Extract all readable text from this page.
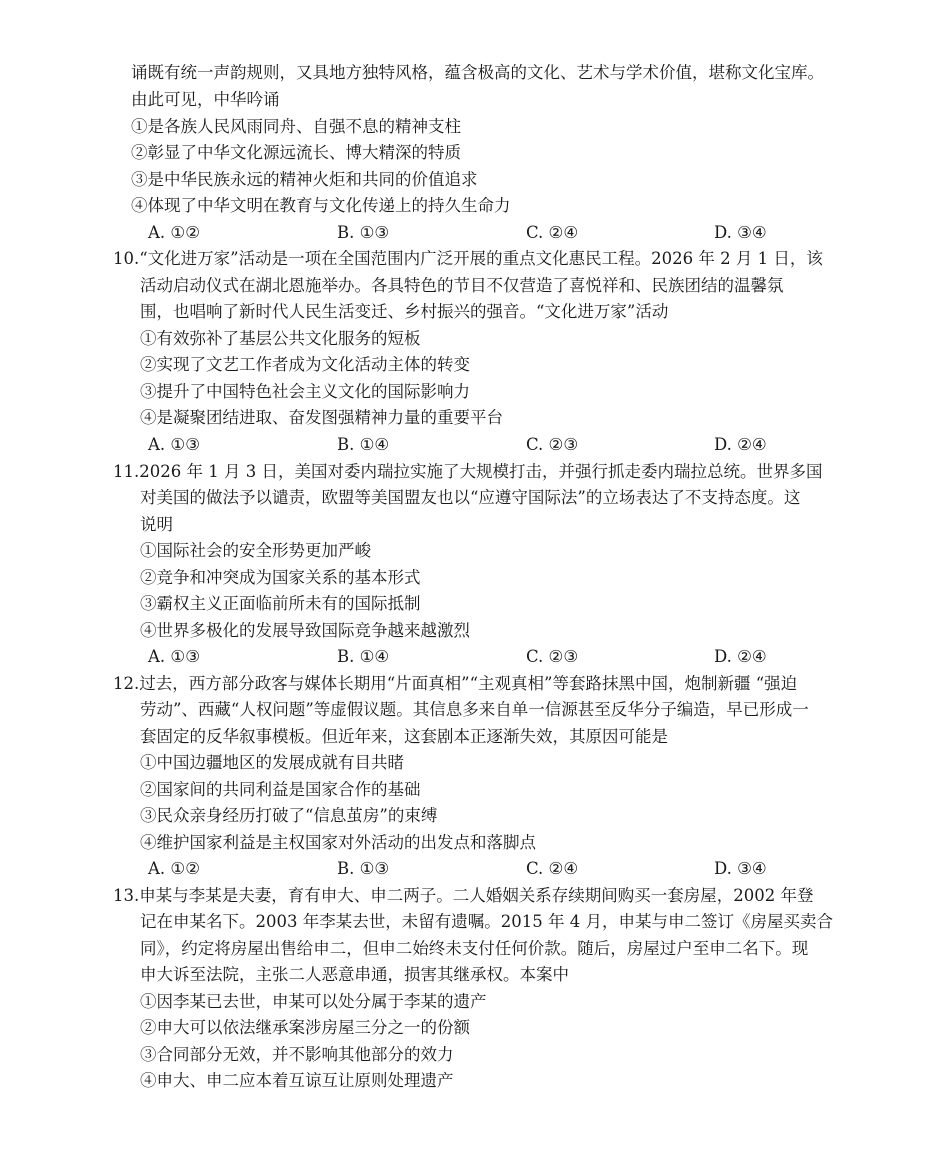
诵既有统一声韵规则，又具地方独特风格，蕴含极高的文化、艺术与学术价值，堪称文化宝库。
由此可见，中华吟诵
①是各族人民风雨同舟、自强不息的精神支柱
②彰显了中华文化源远流长、博大精深的特质
③是中华民族永远的精神火炬和共同的价值追求
④体现了中华文明在教育与文化传递上的持久生命力
A. ①②	B. ①③	C. ②④	D. ③④
10.“文化进万家”活动是一项在全国范围内广泛开展的重点文化惠民工程。2026 年 2 月 1 日，该
活动启动仪式在湖北恩施举办。各具特色的节目不仅营造了喜悦祥和、民族团结的温馨氛
围，也唱响了新时代人民生活变迁、乡村振兴的强音。“文化进万家”活动
①有效弥补了基层公共文化服务的短板
②实现了文艺工作者成为文化活动主体的转变
③提升了中国特色社会主义文化的国际影响力
④是凝聚团结进取、奋发图强精神力量的重要平台
A. ①③	B. ①④	C. ②③	D. ②④
11.2026 年 1 月 3 日，美国对委内瑞拉实施了大规模打击，并强行抓走委内瑞拉总统。世界多国
对美国的做法予以谴责，欧盟等美国盟友也以“应遵守国际法”的立场表达了不支持态度。这
说明
①国际社会的安全形势更加严峻
②竞争和冲突成为国家关系的基本形式
③霸权主义正面临前所未有的国际抵制
④世界多极化的发展导致国际竞争越来越激烈
A. ①③	B. ①④	C. ②③	D. ②④
12.过去，西方部分政客与媒体长期用“片面真相”“主观真相”等套路抹黑中国，炮制新疆 “强迫
劳动”、西藏“人权问题”等虚假议题。其信息多来自单一信源甚至反华分子编造，早已形成一
套固定的反华叙事模板。但近年来，这套剧本正逐渐失效，其原因可能是
①中国边疆地区的发展成就有目共睹
②国家间的共同利益是国家合作的基础
③民众亲身经历打破了“信息茧房”的束缚
④维护国家利益是主权国家对外活动的出发点和落脚点
A. ①②	B. ①③	C. ②④	D. ③④
13.申某与李某是夫妻，育有申大、申二两子。二人婚姻关系存续期间购买一套房屋，2002 年登
记在申某名下。2003 年李某去世，未留有遗嘱。2015 年 4 月，申某与申二签订《房屋买卖合
同》，约定将房屋出售给申二，但申二始终未支付任何价款。随后，房屋过户至申二名下。现
申大诉至法院，主张二人恶意串通，损害其继承权。本案中
①因李某已去世，申某可以处分属于李某的遗产
②申大可以依法继承案涉房屋三分之一的份额
③合同部分无效，并不影响其他部分的效力
④申大、申二应本着互谅互让原则处理遗产
